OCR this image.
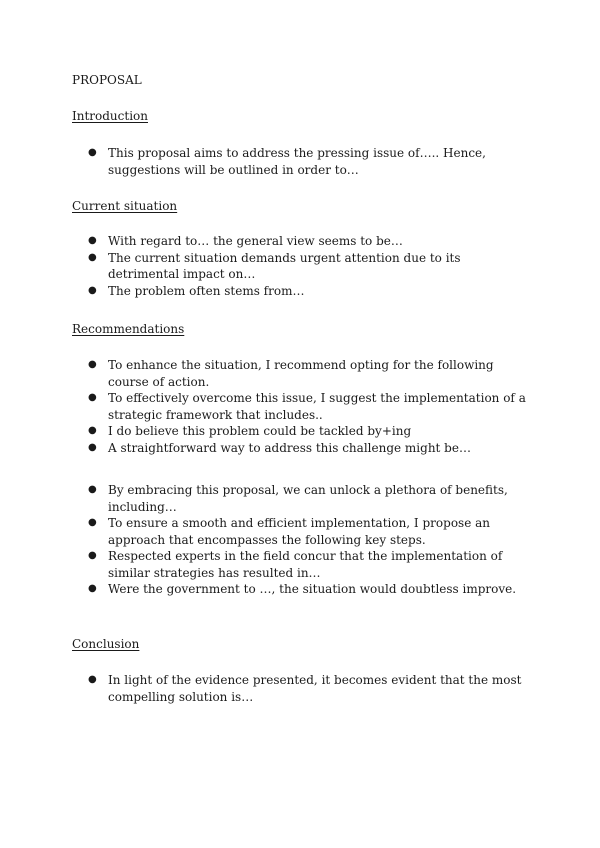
PROPOSAL
Introduction
● This proposal aims to address the pressing issue of….. Hence, suggestions will be outlined in order to…
Current situation
● With regard to… the general view seems to be…
● The current situation demands urgent attention due to its detrimental impact on…
● The problem often stems from…
Recommendations
● To enhance the situation, I recommend opting for the following course of action.
● To effectively overcome this issue, I suggest the implementation of a strategic framework that includes..
● I do believe this problem could be tackled by+ing
● A straightforward way to address this challenge might be…
● By embracing this proposal, we can unlock a plethora of benefits, including…
● To ensure a smooth and efficient implementation, I propose an approach that encompasses the following key steps.
● Respected experts in the field concur that the implementation of similar strategies has resulted in…
● Were the government to …, the situation would doubtless improve.
Conclusion
● In light of the evidence presented, it becomes evident that the most compelling solution is…
